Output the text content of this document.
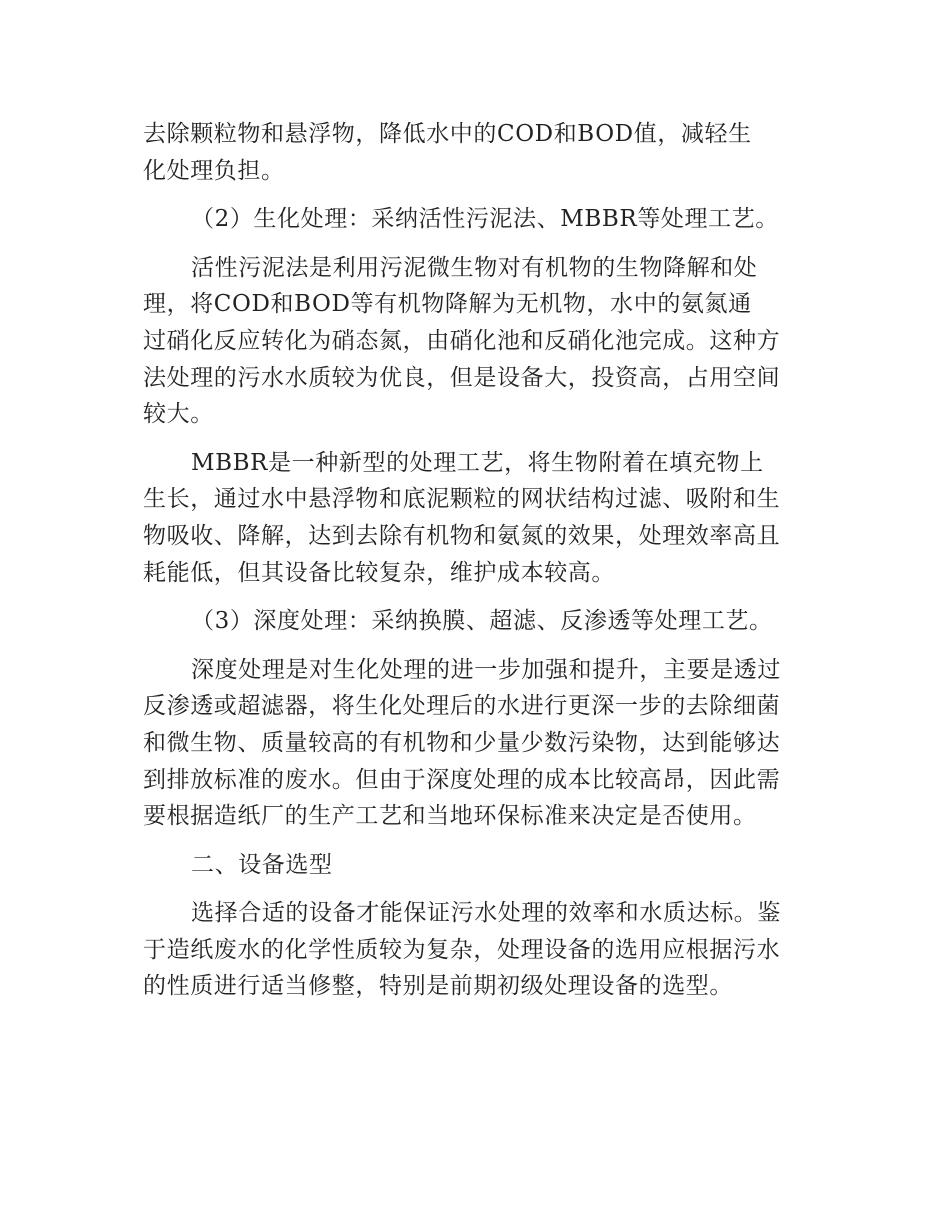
去除颗粒物和悬浮物，降低水中的COD和BOD值，减轻生
化处理负担。

（2）生化处理：采纳活性污泥法、MBBR等处理工艺。

活性污泥法是利用污泥微生物对有机物的生物降解和处
理，将COD和BOD等有机物降解为无机物，水中的氨氮通
过硝化反应转化为硝态氮，由硝化池和反硝化池完成。这种方
法处理的污水水质较为优良，但是设备大，投资高，占用空间
较大。

MBBR是一种新型的处理工艺，将生物附着在填充物上
生长，通过水中悬浮物和底泥颗粒的网状结构过滤、吸附和生
物吸收、降解，达到去除有机物和氨氮的效果，处理效率高且
耗能低，但其设备比较复杂，维护成本较高。

（3）深度处理：采纳换膜、超滤、反渗透等处理工艺。

深度处理是对生化处理的进一步加强和提升，主要是透过
反渗透或超滤器，将生化处理后的水进行更深一步的去除细菌
和微生物、质量较高的有机物和少量少数污染物，达到能够达
到排放标准的废水。但由于深度处理的成本比较高昂，因此需
要根据造纸厂的生产工艺和当地环保标准来决定是否使用。

二、设备选型

选择合适的设备才能保证污水处理的效率和水质达标。鉴
于造纸废水的化学性质较为复杂，处理设备的选用应根据污水
的性质进行适当修整，特别是前期初级处理设备的选型。
